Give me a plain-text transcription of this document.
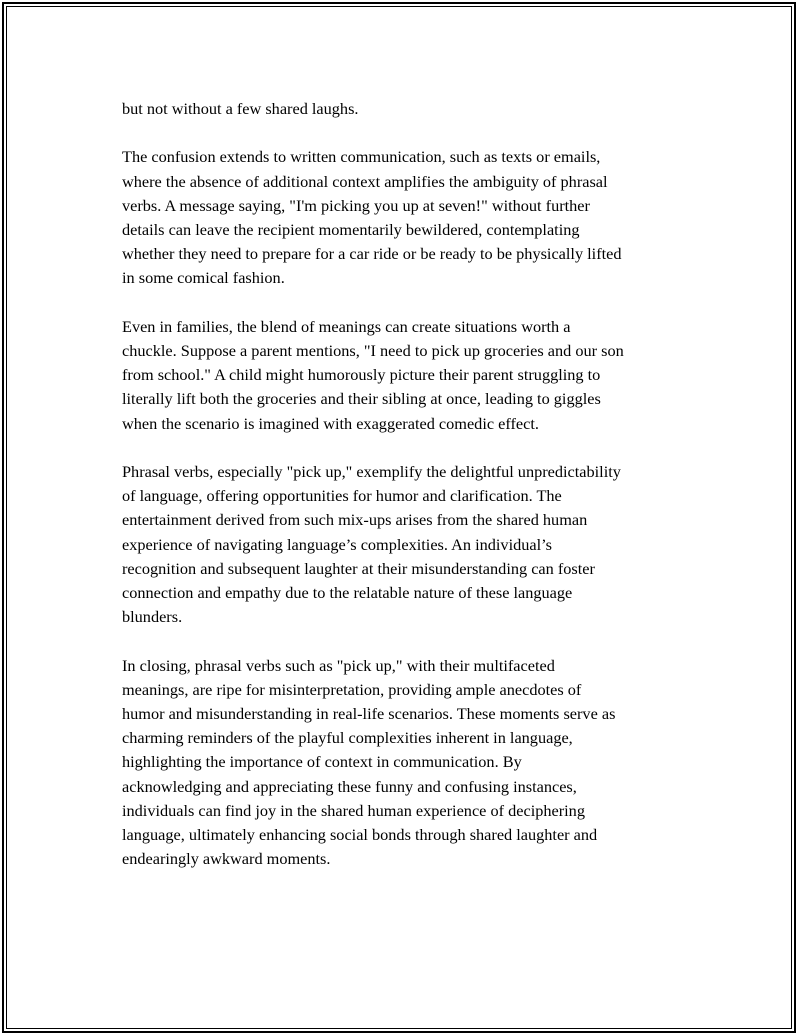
but not without a few shared laughs.

The confusion extends to written communication, such as texts or emails,
where the absence of additional context amplifies the ambiguity of phrasal
verbs. A message saying, "I'm picking you up at seven!" without further
details can leave the recipient momentarily bewildered, contemplating
whether they need to prepare for a car ride or be ready to be physically lifted
in some comical fashion.

Even in families, the blend of meanings can create situations worth a
chuckle. Suppose a parent mentions, "I need to pick up groceries and our son
from school." A child might humorously picture their parent struggling to
literally lift both the groceries and their sibling at once, leading to giggles
when the scenario is imagined with exaggerated comedic effect.

Phrasal verbs, especially "pick up," exemplify the delightful unpredictability
of language, offering opportunities for humor and clarification. The
entertainment derived from such mix-ups arises from the shared human
experience of navigating language’s complexities. An individual’s
recognition and subsequent laughter at their misunderstanding can foster
connection and empathy due to the relatable nature of these language
blunders.

In closing, phrasal verbs such as "pick up," with their multifaceted
meanings, are ripe for misinterpretation, providing ample anecdotes of
humor and misunderstanding in real-life scenarios. These moments serve as
charming reminders of the playful complexities inherent in language,
highlighting the importance of context in communication. By
acknowledging and appreciating these funny and confusing instances,
individuals can find joy in the shared human experience of deciphering
language, ultimately enhancing social bonds through shared laughter and
endearingly awkward moments.
